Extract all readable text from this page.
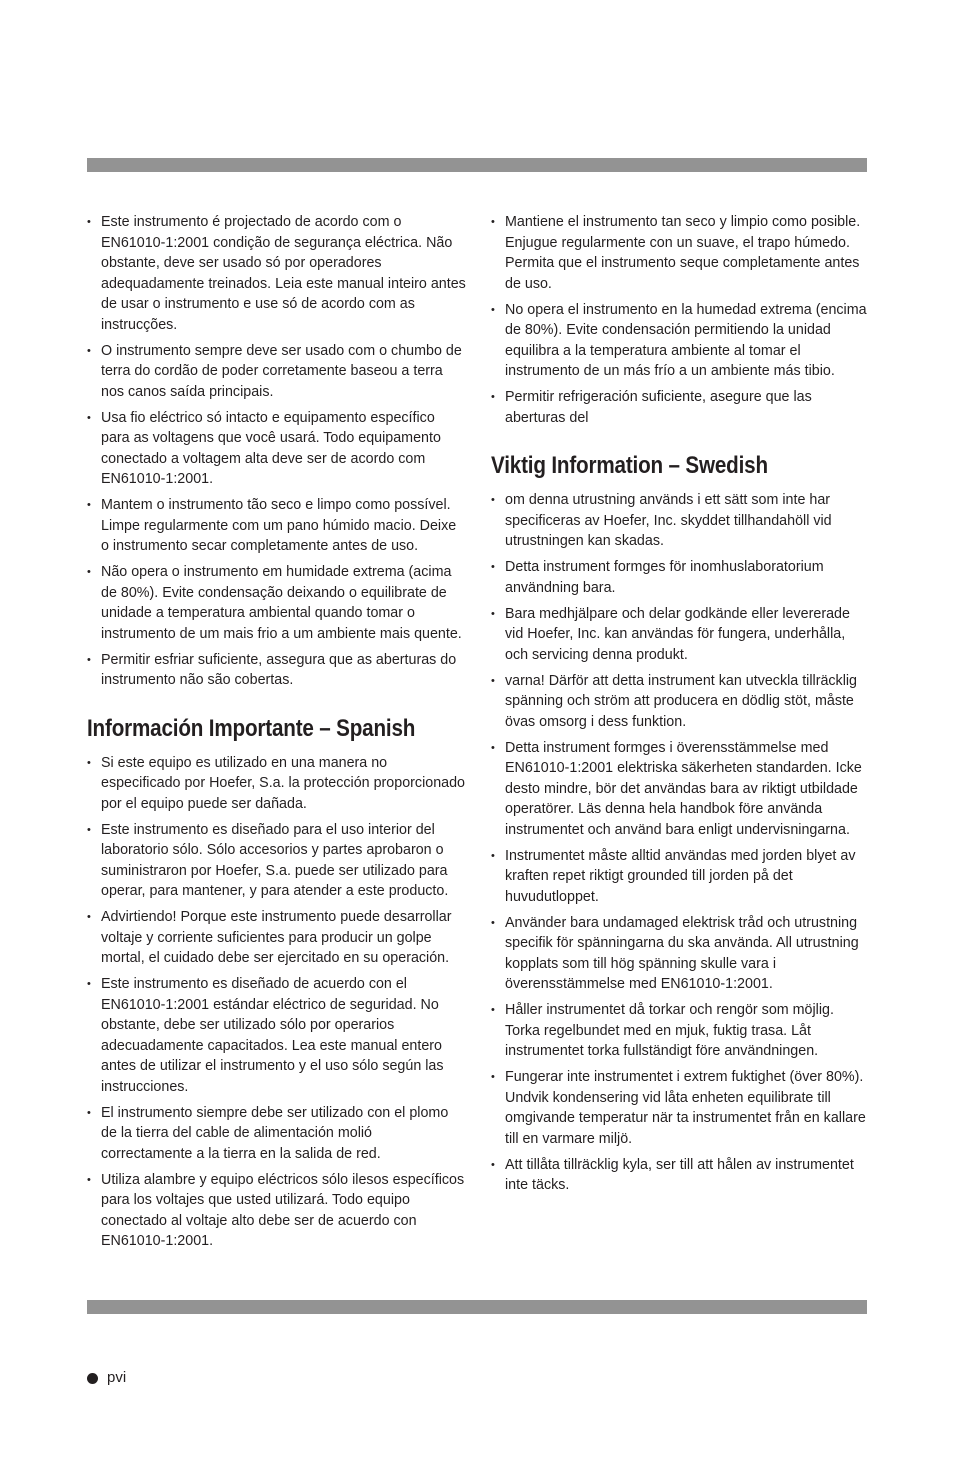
• Este instrumento é projectado de acordo com o EN61010-1:2001 condição de segurança eléctrica. Não obstante, deve ser usado só por operadores adequadamente treinados. Leia este manual inteiro antes de usar o instrumento e use só de acordo com as instrucções.
• O instrumento sempre deve ser usado com o chumbo de terra do cordão de poder corretamente baseou a terra nos canos saída principais.
• Usa fio eléctrico só intacto e equipamento específico para as voltagens que você usará. Todo equipamento conectado a voltagem alta deve ser de acordo com EN61010-1:2001.
• Mantem o instrumento tão seco e limpo como possível. Limpe regularmente com um pano húmido macio. Deixe o instrumento secar completamente antes de uso.
• Não opera o instrumento em humidade extrema (acima de 80%). Evite condensação deixando o equilibrate de unidade a temperatura ambiental quando tomar o instrumento de um mais frio a um ambiente mais quente.
• Permitir esfriar suficiente, assegura que as aberturas do instrumento não são cobertas.
Información Importante – Spanish
• Si este equipo es utilizado en una manera no especificado por Hoefer, S.a. la protección proporcionado por el equipo puede ser dañada.
• Este instrumento es diseñado para el uso interior del laboratorio sólo. Sólo accesorios y partes aprobaron o suministraron por Hoefer, S.a. puede ser utilizado para operar, para mantener, y para atender a este producto.
• Advirtiendo! Porque este instrumento puede desarrollar voltaje y corriente suficientes para producir un golpe mortal, el cuidado debe ser ejercitado en su operación.
• Este instrumento es diseñado de acuerdo con el EN61010-1:2001 estándar eléctrico de seguridad. No obstante, debe ser utilizado sólo por operarios adecuadamente capacitados. Lea este manual entero antes de utilizar el instrumento y el uso sólo según las instrucciones.
• El instrumento siempre debe ser utilizado con el plomo de la tierra del cable de alimentación molió correctamente a la tierra en la salida de red.
• Utiliza alambre y equipo eléctricos sólo ilesos específicos para los voltajes que usted utilizará. Todo equipo conectado al voltaje alto debe ser de acuerdo con EN61010-1:2001.
• Mantiene el instrumento tan seco y limpio como posible. Enjugue regularmente con un suave, el trapo húmedo. Permita que el instrumento seque completamente antes de uso.
• No opera el instrumento en la humedad extrema (encima de 80%). Evite condensación permitiendo la unidad equilibra a la temperatura ambiente al tomar el instrumento de un más frío a un ambiente más tibio.
• Permitir refrigeración suficiente, asegure que las aberturas del
Viktig Information – Swedish
• om denna utrustning används i ett sätt som inte har specificeras av Hoefer, Inc. skyddet tillhandahöll vid utrustningen kan skadas.
• Detta instrument formges för inomhuslaboratorium användning bara.
• Bara medhjälpare och delar godkände eller levererade vid Hoefer, Inc. kan användas för fungera, underhålla, och servicing denna produkt.
• varna! Därför att detta instrument kan utveckla tillräcklig spänning och ström att producera en dödlig stöt, måste övas omsorg i dess funktion.
• Detta instrument formges i överensstämmelse med EN61010-1:2001 elektriska säkerheten standarden. Icke desto mindre, bör det användas bara av riktigt utbildade operatörer. Läs denna hela handbok före använda instrumentet och använd bara enligt undervisningarna.
• Instrumentet måste alltid användas med jorden blyet av kraften repet riktigt grounded till jorden på det huvudutloppet.
• Använder bara undamaged elektrisk tråd och utrustning specifik för spänningarna du ska använda. All utrustning kopplats som till hög spänning skulle vara i överensstämmelse med EN61010-1:2001.
• Håller instrumentet då torkar och rengör som möjlig. Torka regelbundet med en mjuk, fuktig trasa. Låt instrumentet torka fullständigt före användningen.
• Fungerar inte instrumentet i extrem fuktighet (över 80%). Undvik kondensering vid låta enheten equilibrate till omgivande temperatur när ta instrumentet från en kallare till en varmare miljö.
• Att tillåta tillräcklig kyla, ser till att hålen av instrumentet inte täcks.
pvi
